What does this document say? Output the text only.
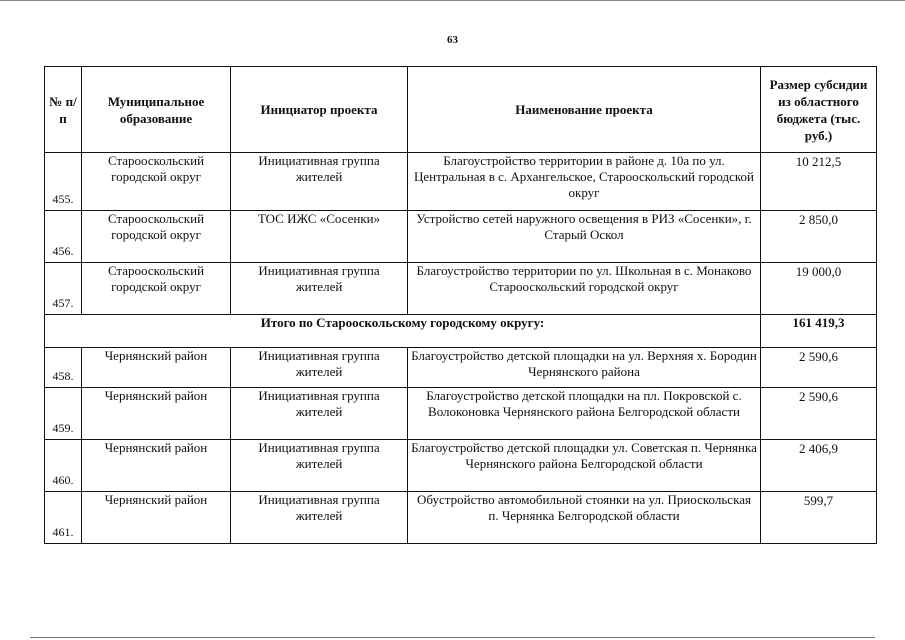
63
№ п/п	Муниципальное образование	Инициатор проекта	Наименование проекта	Размер субсидии из областного бюджета (тыс. руб.)
455.	Старооскольский городской округ	Инициативная группа жителей	Благоустройство территории в районе д. 10а по ул. Центральная в с. Архангельское, Старооскольский городской округ	10 212,5
456.	Старооскольский городской округ	ТОС ИЖС «Сосенки»	Устройство сетей наружного освещения в РИЗ «Сосенки», г. Старый Оскол	2 850,0
457.	Старооскольский городской округ	Инициативная группа жителей	Благоустройство территории по ул. Школьная в с. Монаково Старооскольский городской округ	19 000,0
Итого по Старооскольскому городскому округу:				161 419,3
458.	Чернянский район	Инициативная группа жителей	Благоустройство детской площадки на ул. Верхняя х. Бородин Чернянского района	2 590,6
459.	Чернянский район	Инициативная группа жителей	Благоустройство детской площадки на пл. Покровской с. Волоконовка Чернянского района Белгородской области	2 590,6
460.	Чернянский район	Инициативная группа жителей	Благоустройство детской площадки ул. Советская п. Чернянка Чернянского района Белгородской области	2 406,9
461.	Чернянский район	Инициативная группа жителей	Обустройство автомобильной стоянки на ул. Приоскольская п. Чернянка Белгородской области	599,7
